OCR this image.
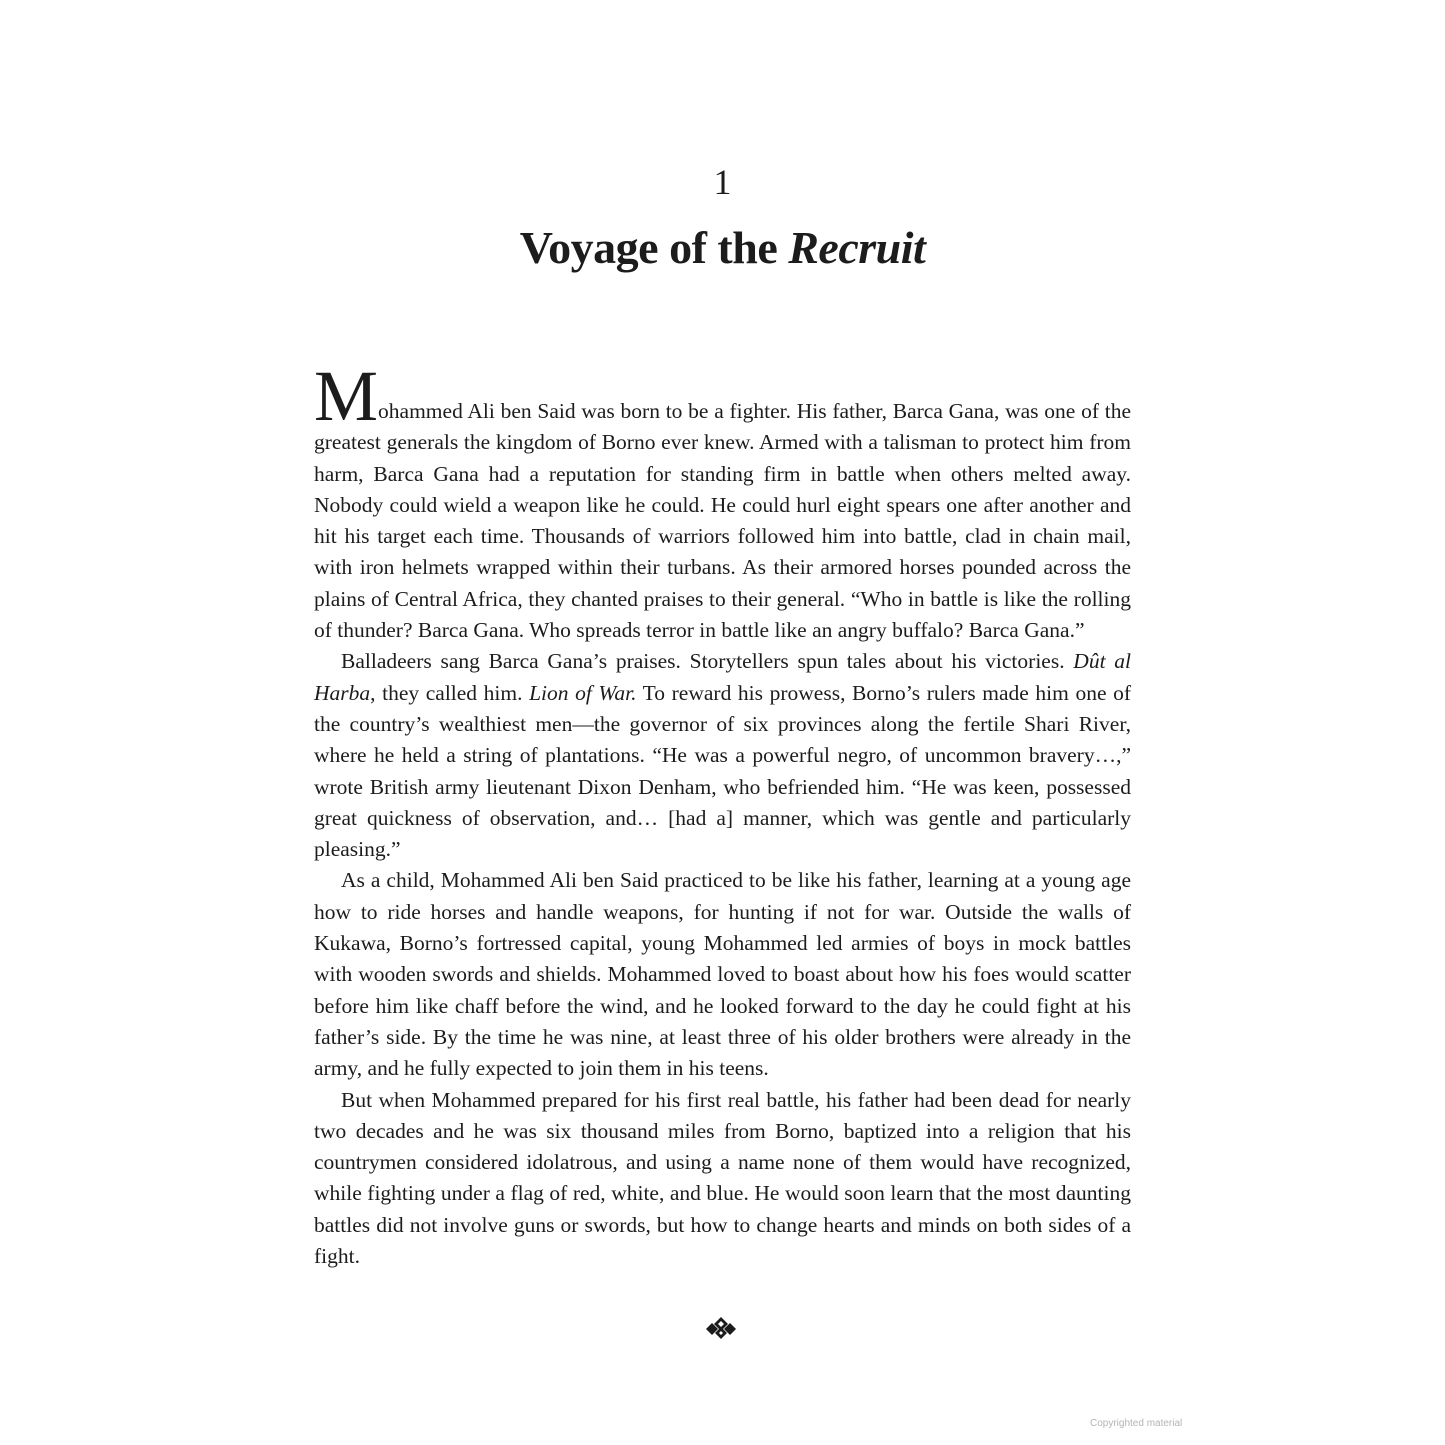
1
Voyage of the Recruit

Mohammed Ali ben Said was born to be a fighter. His father, Barca Gana, was one of the greatest generals the kingdom of Borno ever knew. Armed with a talisman to protect him from harm, Barca Gana had a reputation for standing firm in battle when others melted away. Nobody could wield a weapon like he could. He could hurl eight spears one after another and hit his target each time. Thousands of warriors followed him into battle, clad in chain mail, with iron helmets wrapped within their turbans. As their armored horses pounded across the plains of Central Africa, they chanted praises to their general. “Who in battle is like the rolling of thunder? Barca Gana. Who spreads terror in battle like an angry buffalo? Barca Gana.”

Balladeers sang Barca Gana’s praises. Storytellers spun tales about his victories. Dût al Harba, they called him. Lion of War. To reward his prowess, Borno’s rulers made him one of the country’s wealthiest men—the governor of six provinces along the fertile Shari River, where he held a string of plantations. “He was a powerful negro, of uncommon bravery…,” wrote British army lieutenant Dixon Denham, who befriended him. “He was keen, possessed great quickness of observation, and… [had a] manner, which was gentle and particularly pleasing.”

As a child, Mohammed Ali ben Said practiced to be like his father, learning at a young age how to ride horses and handle weapons, for hunting if not for war. Outside the walls of Kukawa, Borno’s fortressed capital, young Mohammed led armies of boys in mock battles with wooden swords and shields. Mohammed loved to boast about how his foes would scatter before him like chaff before the wind, and he looked forward to the day he could fight at his father’s side. By the time he was nine, at least three of his older brothers were already in the army, and he fully expected to join them in his teens.

But when Mohammed prepared for his first real battle, his father had been dead for nearly two decades and he was six thousand miles from Borno, baptized into a religion that his countrymen considered idolatrous, and using a name none of them would have recognized, while fighting under a flag of red, white, and blue. He would soon learn that the most daunting battles did not involve guns or swords, but how to change hearts and minds on both sides of a fight.

Copyrighted material
